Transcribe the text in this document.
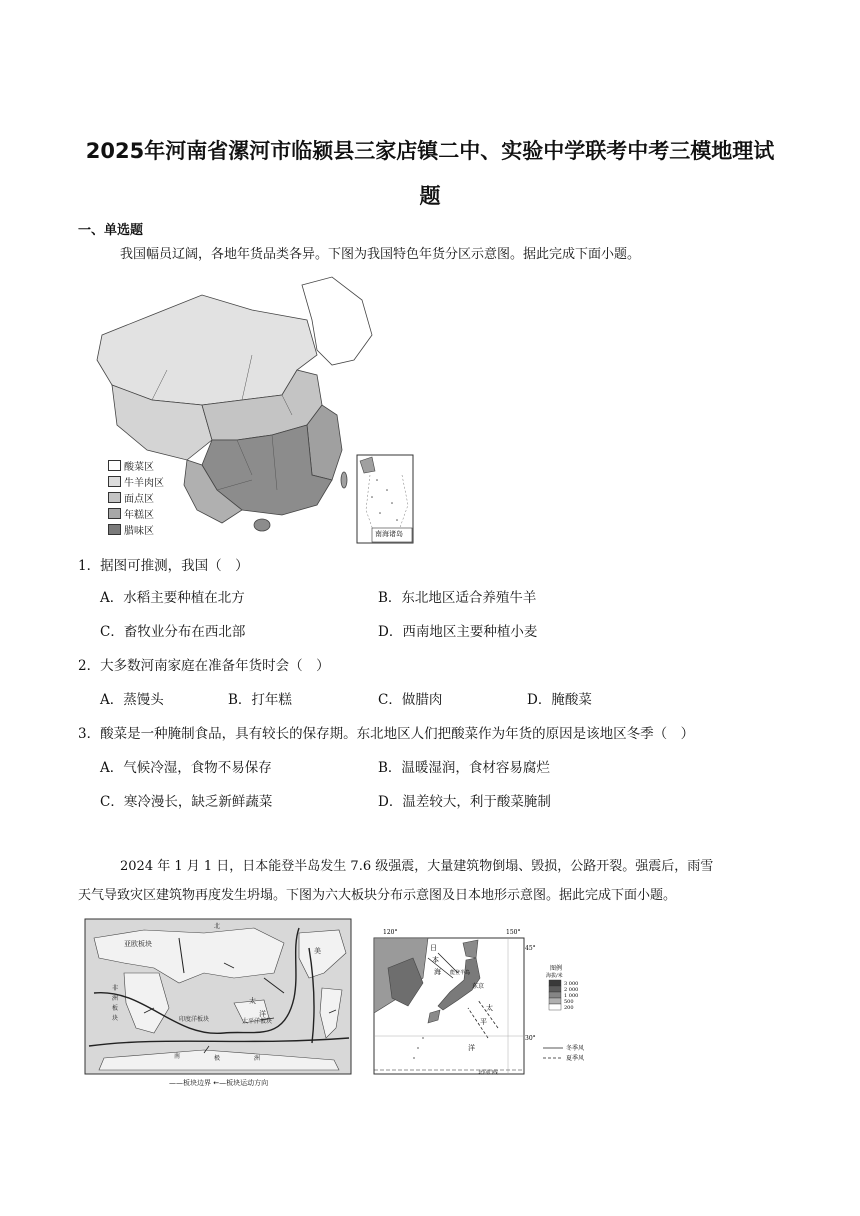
2025年河南省漯河市临颍县三家店镇二中、实验中学联考中考三模地理试
题
一、单选题
我国幅员辽阔，各地年货品类各异。下图为我国特色年货分区示意图。据此完成下面小题。
酸菜区
牛羊肉区
面点区
年糕区
腊味区	南海诸岛
1．据图可推测，我国（　）
A．水稻主要种植在北方	B．东北地区适合养殖牛羊
C．畜牧业分布在西北部	D．西南地区主要种植小麦
2．大多数河南家庭在准备年货时会（　）
A．蒸馒头	B．打年糕	C．做腊肉	D．腌酸菜
3．酸菜是一种腌制食品，具有较长的保存期。东北地区人们把酸菜作为年货的原因是该地区冬季（　）
A．气候冷湿，食物不易保存	B．温暖湿润，食材容易腐烂
C．寒冷漫长，缺乏新鲜蔬菜	D．温差较大，利于酸菜腌制
2024 年 1 月 1 日，日本能登半岛发生 7.6 级强震，大量建筑物倒塌、毁损，公路开裂。强震后，雨雪
天气导致灾区建筑物再度发生坍塌。下图为六大板块分布示意图及日本地形示意图。据此完成下面小题。
北
亚欧板块
美
太
洋
太平洋板块
印度洋板块
非
洲
板
块
南	极	洲
——板块边界 ←—板块运动方向
120°	150°
45°
30°
日
本
海 能登半岛
东京
太
平
洋
北回归线
图例
海拔/米
3 000
2 000
1 000
500
200
冬季风
夏季风
